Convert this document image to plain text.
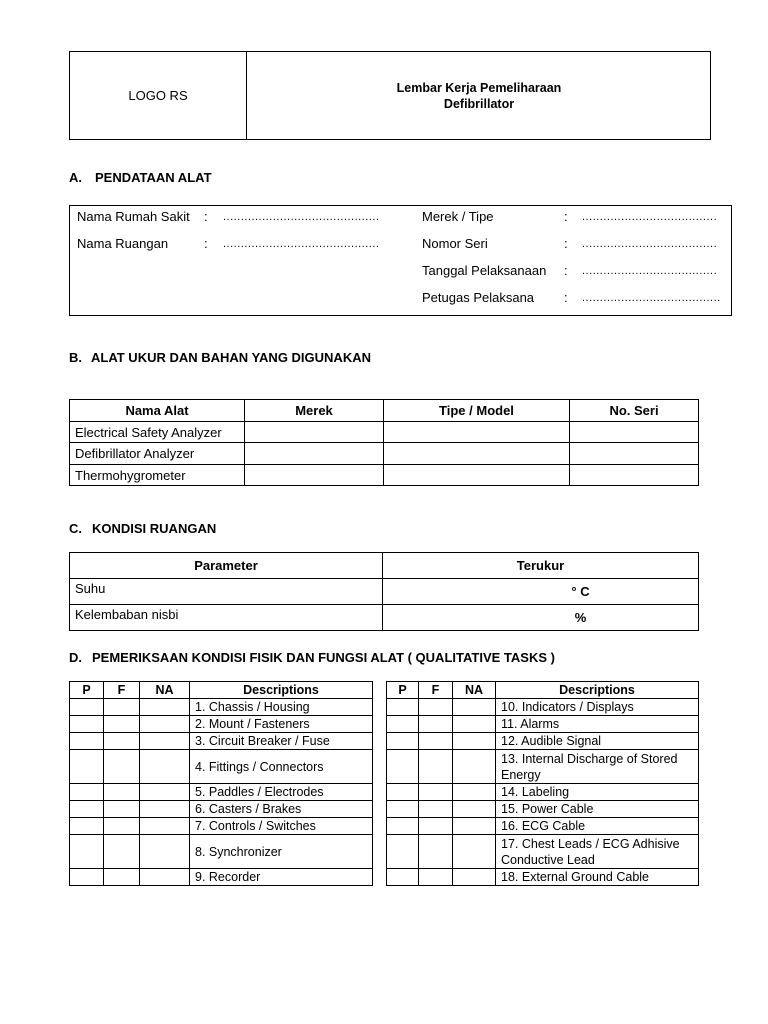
LOGO RS	Lembar Kerja Pemeliharaan
Defibrillator
A. PENDATAAN ALAT
Nama Rumah Sakit : ............................................
Nama Ruangan	: ............................................
Merek / Tipe	: ......................................
Nomor Seri	: ......................................
Tanggal Pelaksanaan : ......................................
Petugas Pelaksana : .......................................
B. ALAT UKUR DAN BAHAN YANG DIGUNAKAN
Nama Alat	Merek	Tipe / Model	No. Seri
Electrical Safety Analyzer			
Defibrillator Analyzer			
Thermohygrometer			
C. KONDISI RUANGAN
Parameter	Terukur
Suhu	° C
Kelembaban nisbi	%
D. PEMERIKSAAN KONDISI FISIK DAN FUNGSI ALAT ( QUALITATIVE TASKS )
P	F	NA	Descriptions
			1. Chassis / Housing
			2. Mount / Fasteners
			3. Circuit Breaker / Fuse
			4. Fittings / Connectors
			5. Paddles / Electrodes
			6. Casters / Brakes
			7. Controls / Switches
			8. Synchronizer
			9. Recorder
P	F	NA	Descriptions
			10. Indicators / Displays
			11. Alarms
			12. Audible Signal
			13. Internal Discharge of Stored Energy
			14. Labeling
			15. Power Cable
			16. ECG Cable
			17. Chest Leads / ECG Adhisive Conductive Lead
			18. External Ground Cable
